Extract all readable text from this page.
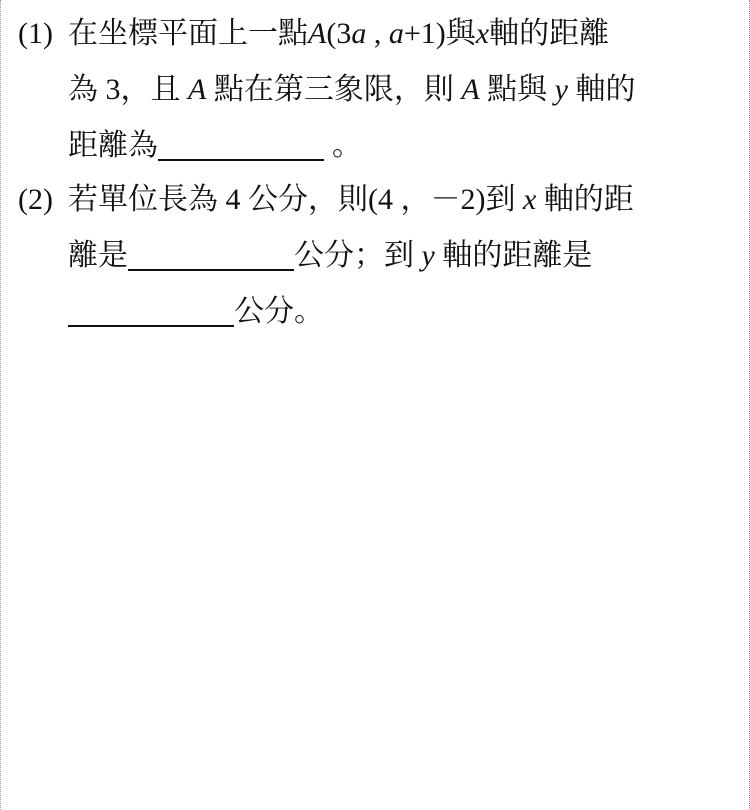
(1) 在坐標平面上一點A(3a , a+1)與x軸的距離
為 3，且 A 點在第三象限，則 A 點與 y 軸的
距離為	。
(2) 若單位長為 4 公分，則(4 ，－2)到 x 軸的距
離是	公分；到 y 軸的距離是
公分。
